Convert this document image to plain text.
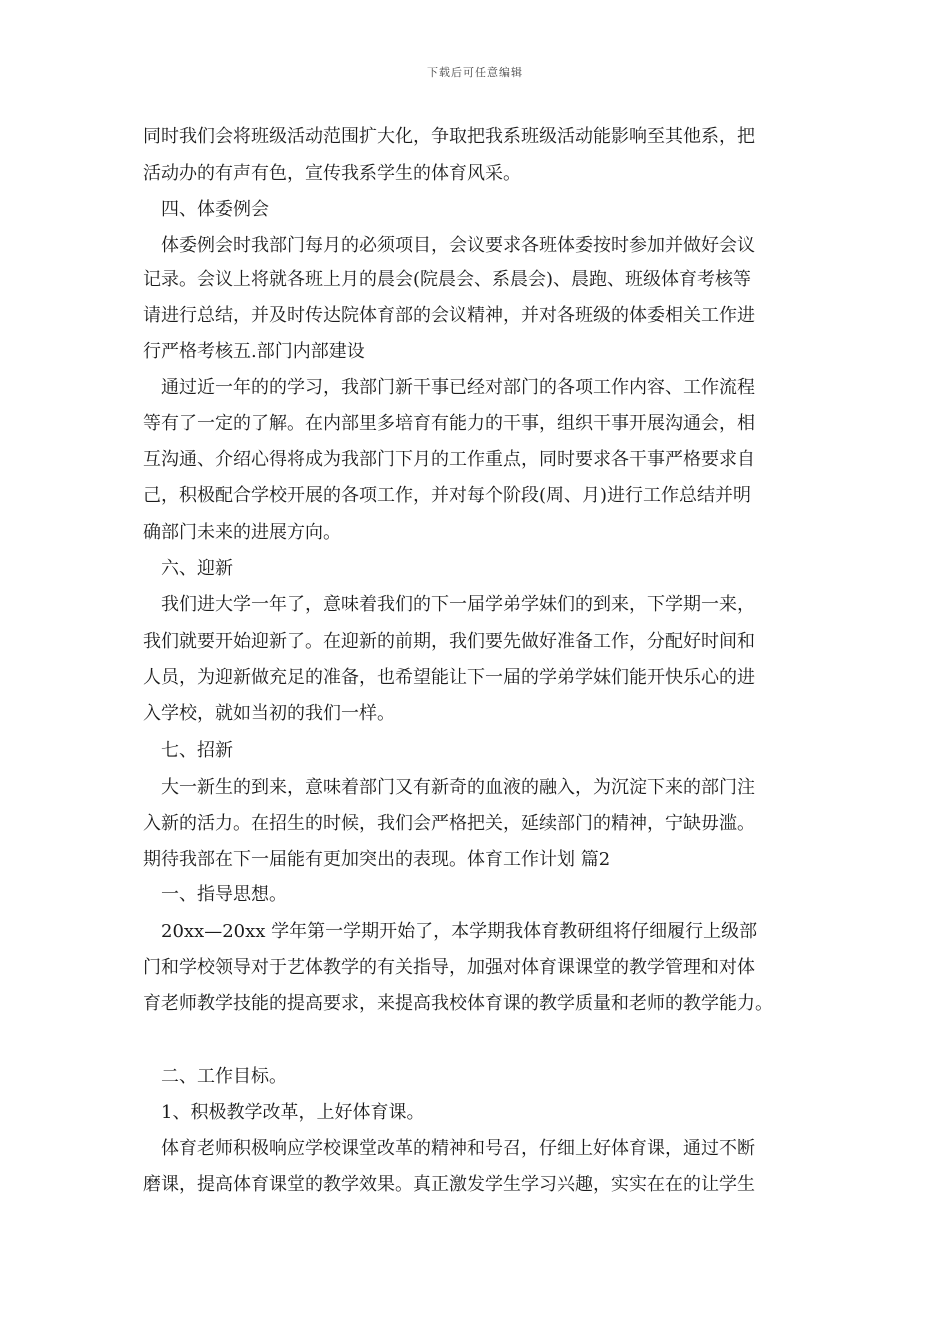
下载后可任意编辑
同时我们会将班级活动范围扩大化，争取把我系班级活动能影响至其他系，把
活动办的有声有色，宣传我系学生的体育风采。
　四、体委例会
　体委例会时我部门每月的必须项目，会议要求各班体委按时参加并做好会议
记录。会议上将就各班上月的晨会(院晨会、系晨会)、晨跑、班级体育考核等
请进行总结，并及时传达院体育部的会议精神，并对各班级的体委相关工作进
行严格考核五.部门内部建设
　通过近一年的的学习，我部门新干事已经对部门的各项工作内容、工作流程
等有了一定的了解。在内部里多培育有能力的干事，组织干事开展沟通会，相
互沟通、介绍心得将成为我部门下月的工作重点，同时要求各干事严格要求自
己，积极配合学校开展的各项工作，并对每个阶段(周、月)进行工作总结并明
确部门未来的进展方向。
　六、迎新
　我们进大学一年了，意味着我们的下一届学弟学妹们的到来，下学期一来，
我们就要开始迎新了。在迎新的前期，我们要先做好准备工作，分配好时间和
人员，为迎新做充足的准备，也希望能让下一届的学弟学妹们能开快乐心的进
入学校，就如当初的我们一样。
　七、招新
　大一新生的到来，意味着部门又有新奇的血液的融入，为沉淀下来的部门注
入新的活力。在招生的时候，我们会严格把关，延续部门的精神，宁缺毋滥。
期待我部在下一届能有更加突出的表现。体育工作计划 篇2
　一、指导思想。
　20xx—20xx 学年第一学期开始了，本学期我体育教研组将仔细履行上级部
门和学校领导对于艺体教学的有关指导，加强对体育课课堂的教学管理和对体
育老师教学技能的提高要求，来提高我校体育课的教学质量和老师的教学能力。
　二、工作目标。
　1、积极教学改革，上好体育课。
　体育老师积极响应学校课堂改革的精神和号召，仔细上好体育课，通过不断
磨课，提高体育课堂的教学效果。真正激发学生学习兴趣，实实在在的让学生
